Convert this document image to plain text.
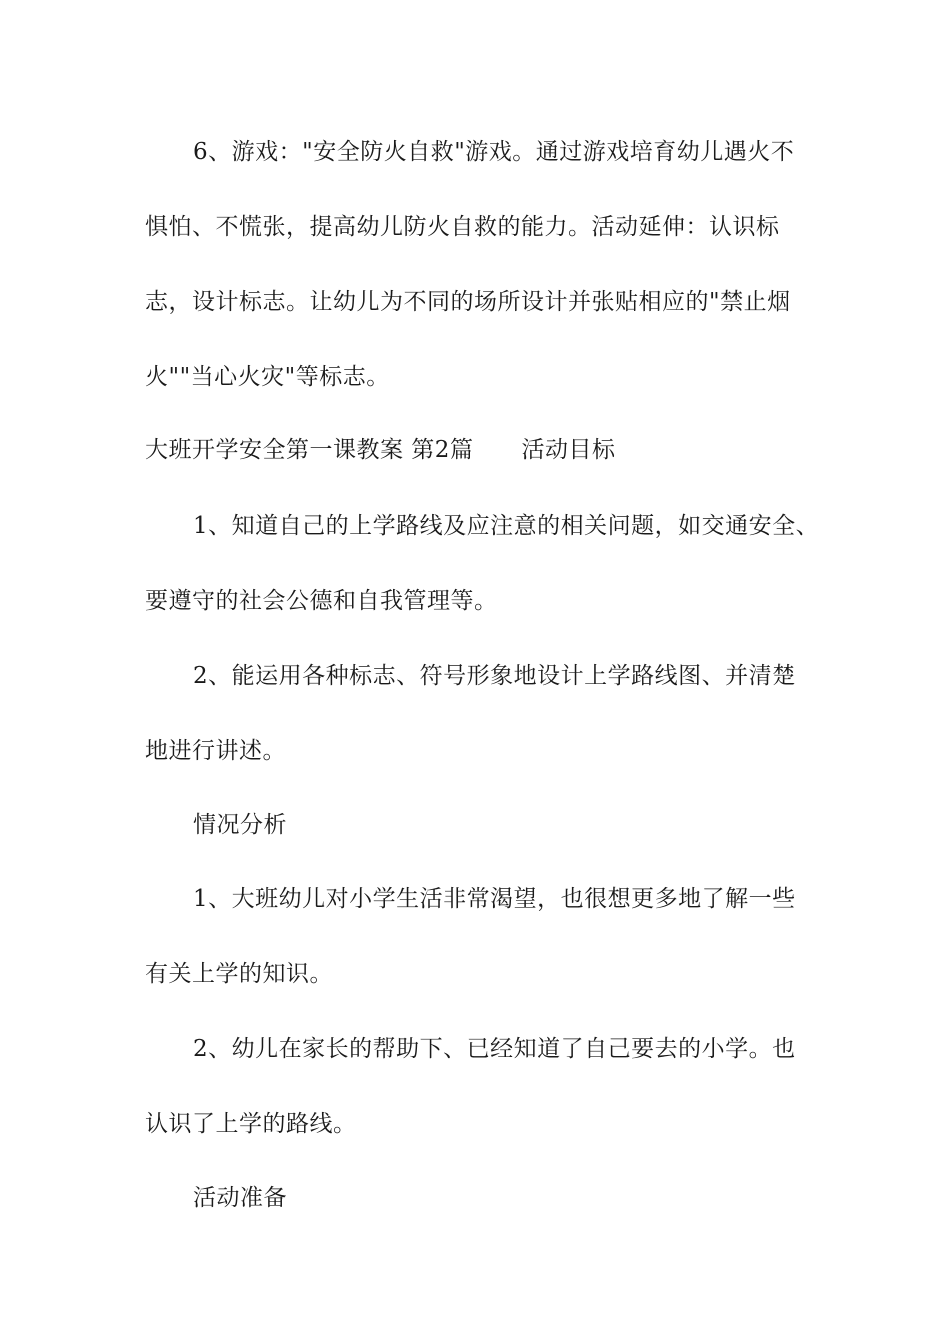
6、游戏："安全防火自救"游戏。通过游戏培育幼儿遇火不
惧怕、不慌张，提高幼儿防火自救的能力。活动延伸：认识标
志，设计标志。让幼儿为不同的场所设计并张贴相应的"禁止烟
火""当心火灾"等标志。
大班开学安全第一课教案 第2篇 活动目标
1、知道自己的上学路线及应注意的相关问题，如交通安全、
要遵守的社会公德和自我管理等。
2、能运用各种标志、符号形象地设计上学路线图、并清楚
地进行讲述。
情况分析
1、大班幼儿对小学生活非常渴望，也很想更多地了解一些
有关上学的知识。
2、幼儿在家长的帮助下、已经知道了自己要去的小学。也
认识了上学的路线。
活动准备
